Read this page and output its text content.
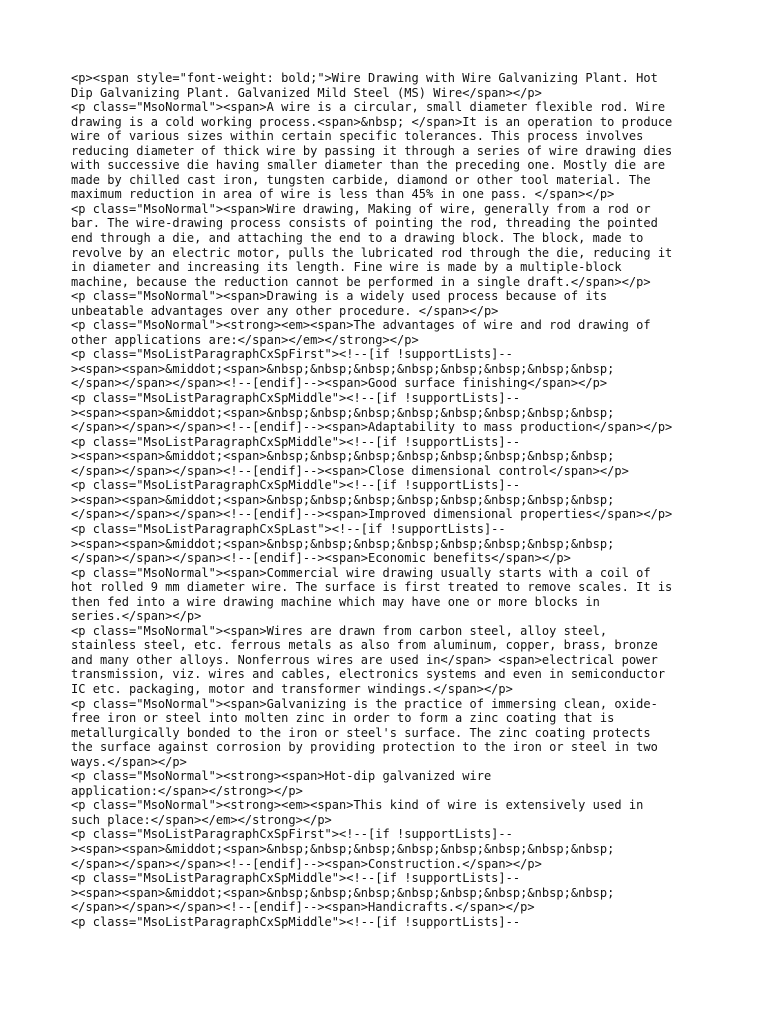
<p><span style="font-weight: bold;">Wire Drawing with Wire Galvanizing Plant. Hot
Dip Galvanizing Plant. Galvanized Mild Steel (MS) Wire</span></p>
<p class="MsoNormal"><span>A wire is a circular, small diameter flexible rod. Wire
drawing is a cold working process.<span>&nbsp; </span>It is an operation to produce
wire of various sizes within certain specific tolerances. This process involves
reducing diameter of thick wire by passing it through a series of wire drawing dies
with successive die having smaller diameter than the preceding one. Mostly die are
made by chilled cast iron, tungsten carbide, diamond or other tool material. The
maximum reduction in area of wire is less than 45% in one pass. </span></p>
<p class="MsoNormal"><span>Wire drawing, Making of wire, generally from a rod or
bar. The wire-drawing process consists of pointing the rod, threading the pointed
end through a die, and attaching the end to a drawing block. The block, made to
revolve by an electric motor, pulls the lubricated rod through the die, reducing it
in diameter and increasing its length. Fine wire is made by a multiple-block
machine, because the reduction cannot be performed in a single draft.</span></p>
<p class="MsoNormal"><span>Drawing is a widely used process because of its
unbeatable advantages over any other procedure. </span></p>
<p class="MsoNormal"><strong><em><span>The advantages of wire and rod drawing of
other applications are:</span></em></strong></p>
<p class="MsoListParagraphCxSpFirst"><!--[if !supportLists]--
><span><span>&middot;<span>&nbsp;&nbsp;&nbsp;&nbsp;&nbsp;&nbsp;&nbsp;&nbsp;
</span></span></span><!--[endif]--><span>Good surface finishing</span></p>
<p class="MsoListParagraphCxSpMiddle"><!--[if !supportLists]--
><span><span>&middot;<span>&nbsp;&nbsp;&nbsp;&nbsp;&nbsp;&nbsp;&nbsp;&nbsp;
</span></span></span><!--[endif]--><span>Adaptability to mass production</span></p>
<p class="MsoListParagraphCxSpMiddle"><!--[if !supportLists]--
><span><span>&middot;<span>&nbsp;&nbsp;&nbsp;&nbsp;&nbsp;&nbsp;&nbsp;&nbsp;
</span></span></span><!--[endif]--><span>Close dimensional control</span></p>
<p class="MsoListParagraphCxSpMiddle"><!--[if !supportLists]--
><span><span>&middot;<span>&nbsp;&nbsp;&nbsp;&nbsp;&nbsp;&nbsp;&nbsp;&nbsp;
</span></span></span><!--[endif]--><span>Improved dimensional properties</span></p>
<p class="MsoListParagraphCxSpLast"><!--[if !supportLists]--
><span><span>&middot;<span>&nbsp;&nbsp;&nbsp;&nbsp;&nbsp;&nbsp;&nbsp;&nbsp;
</span></span></span><!--[endif]--><span>Economic benefits</span></p>
<p class="MsoNormal"><span>Commercial wire drawing usually starts with a coil of
hot rolled 9 mm diameter wire. The surface is first treated to remove scales. It is
then fed into a wire drawing machine which may have one or more blocks in
series.</span></p>
<p class="MsoNormal"><span>Wires are drawn from carbon steel, alloy steel,
stainless steel, etc. ferrous metals as also from aluminum, copper, brass, bronze
and many other alloys. Nonferrous wires are used in</span> <span>electrical power
transmission, viz. wires and cables, electronics systems and even in semiconductor
IC etc. packaging, motor and transformer windings.</span></p>
<p class="MsoNormal"><span>Galvanizing is the practice of immersing clean, oxide-
free iron or steel into molten zinc in order to form a zinc coating that is
metallurgically bonded to the iron or steel's surface. The zinc coating protects
the surface against corrosion by providing protection to the iron or steel in two
ways.</span></p>
<p class="MsoNormal"><strong><span>Hot-dip galvanized wire
application:</span></strong></p>
<p class="MsoNormal"><strong><em><span>This kind of wire is extensively used in
such place:</span></em></strong></p>
<p class="MsoListParagraphCxSpFirst"><!--[if !supportLists]--
><span><span>&middot;<span>&nbsp;&nbsp;&nbsp;&nbsp;&nbsp;&nbsp;&nbsp;&nbsp;
</span></span></span><!--[endif]--><span>Construction.</span></p>
<p class="MsoListParagraphCxSpMiddle"><!--[if !supportLists]--
><span><span>&middot;<span>&nbsp;&nbsp;&nbsp;&nbsp;&nbsp;&nbsp;&nbsp;&nbsp;
</span></span></span><!--[endif]--><span>Handicrafts.</span></p>
<p class="MsoListParagraphCxSpMiddle"><!--[if !supportLists]--
